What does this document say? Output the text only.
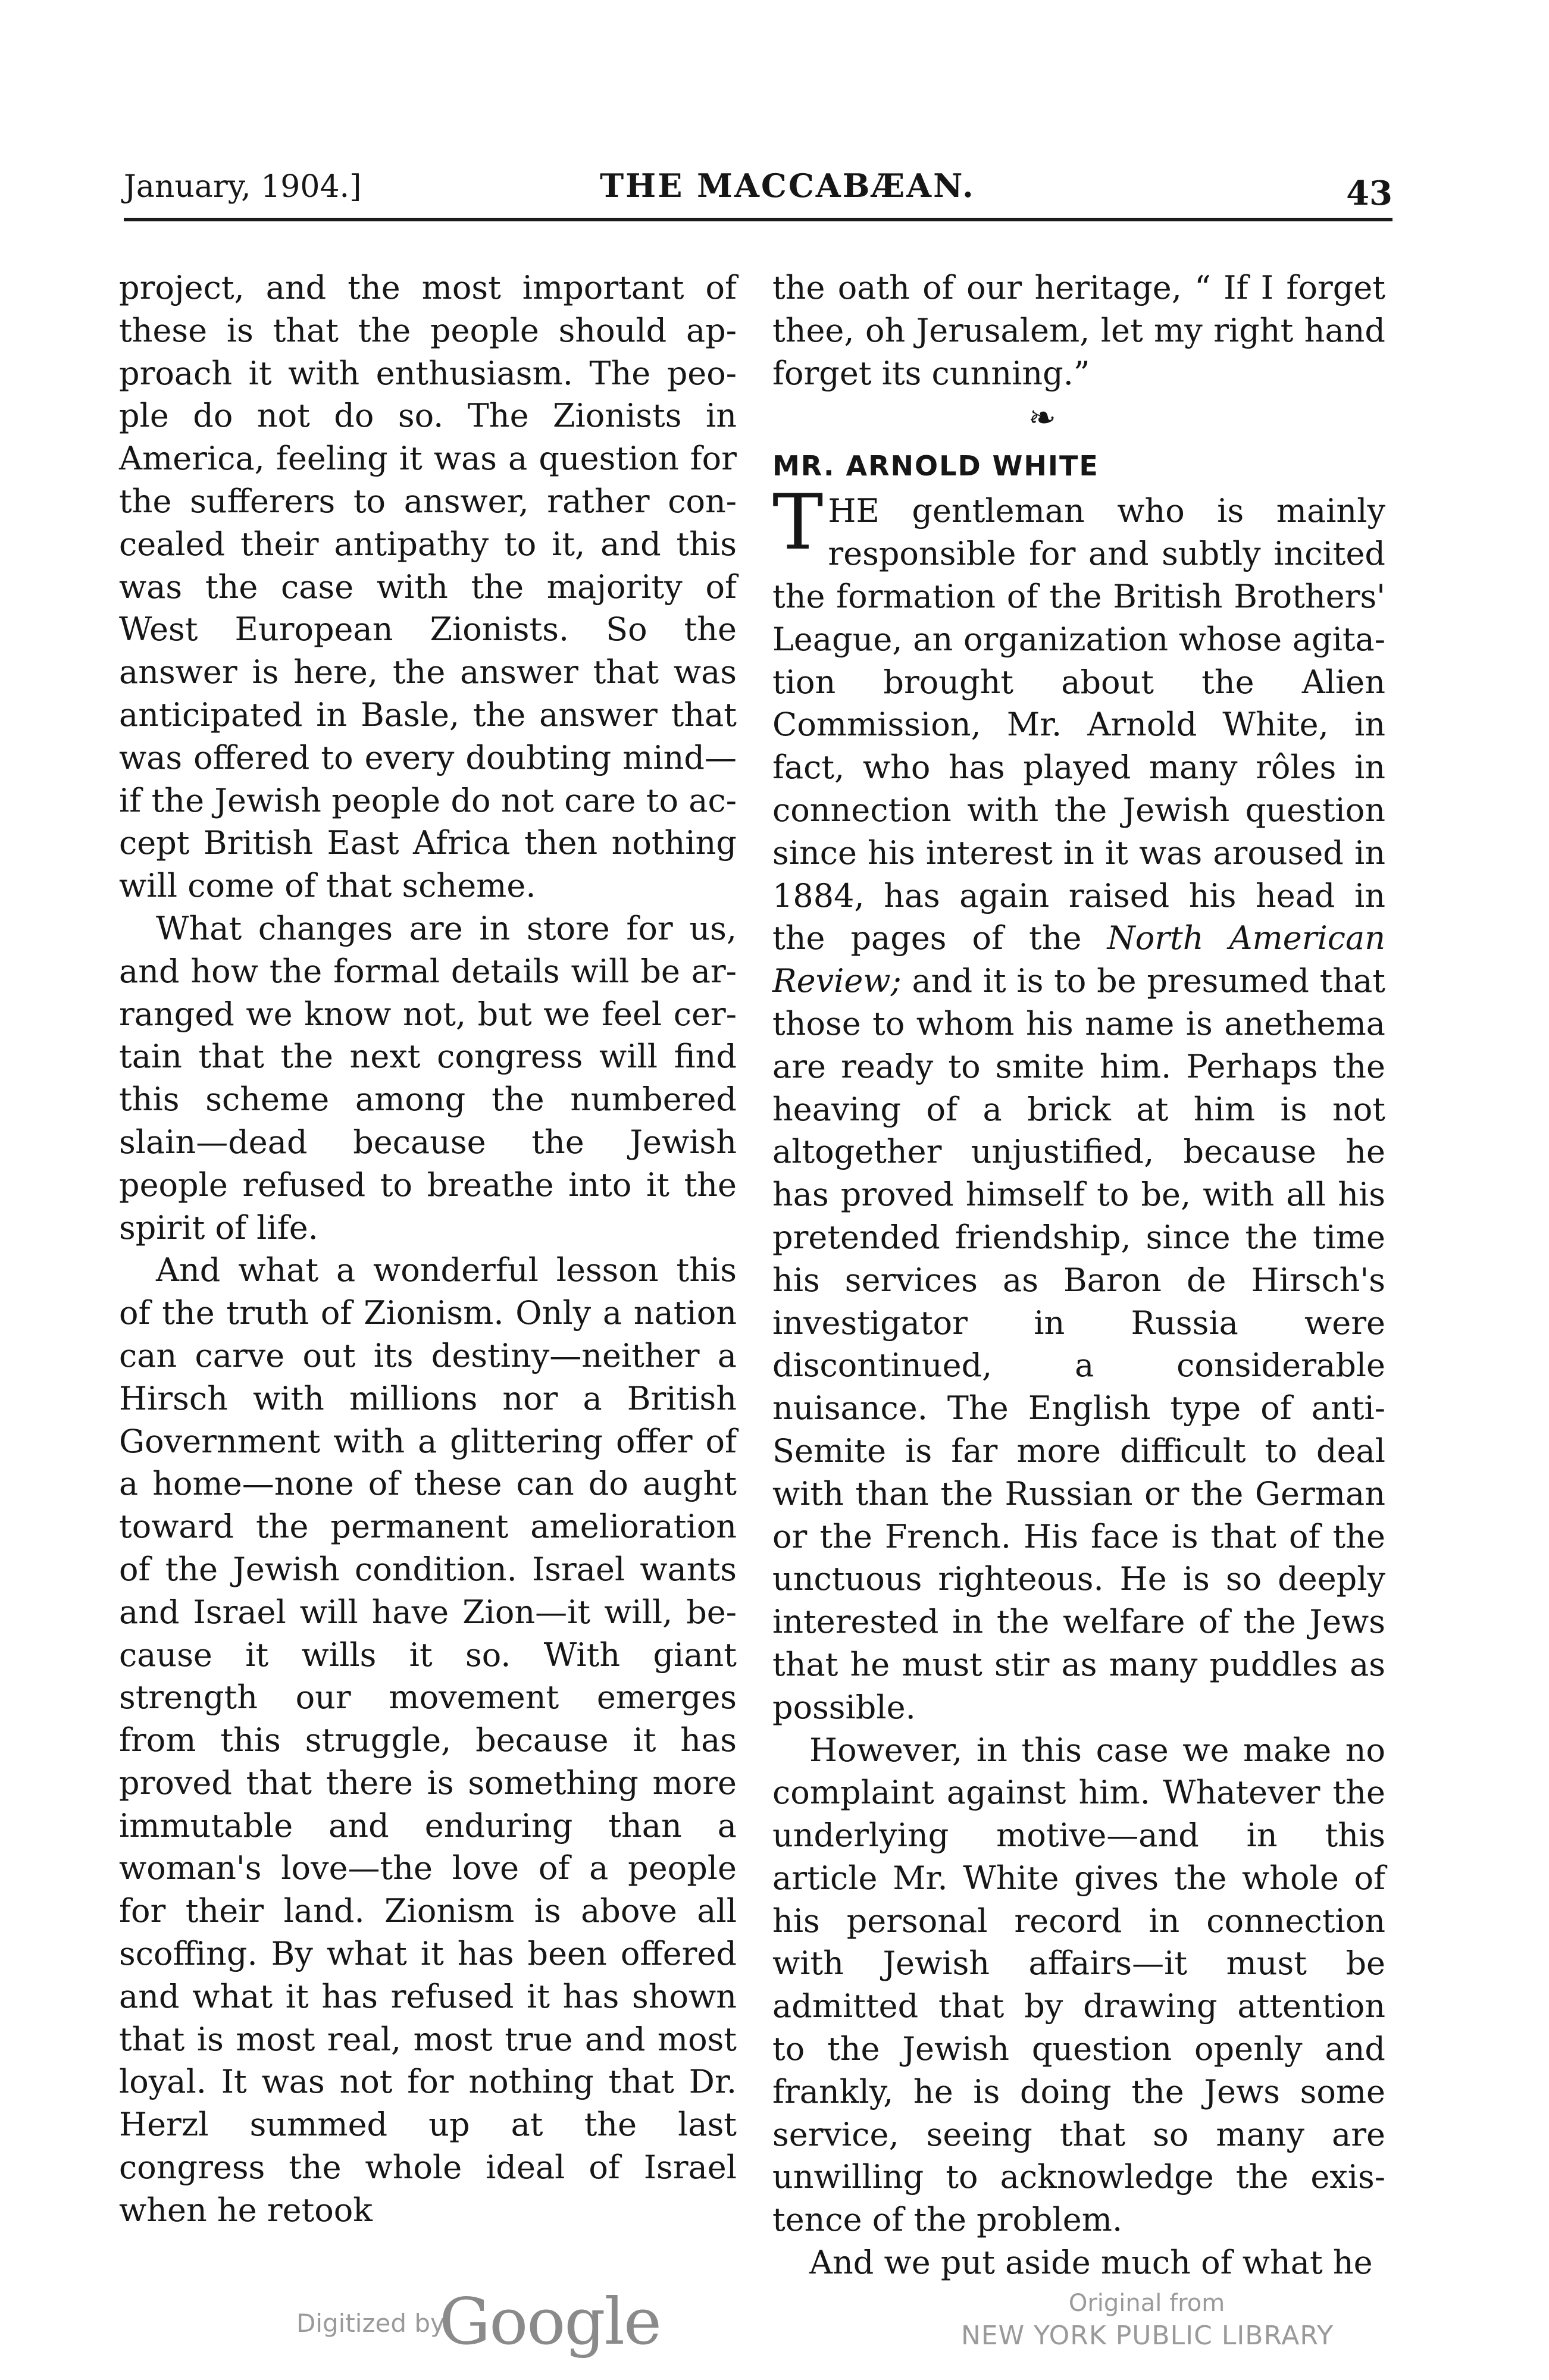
January, 1904.]	THE MACCABÆAN.	43

project, and the most important of these is that the people should approach it with enthusiasm. The people do not do so. The Zionists in America, feeling it was a question for the sufferers to answer, rather concealed their antipathy to it, and this was the case with the majority of West European Zionists. So the answer is here, the answer that was anticipated in Basle, the answer that was offered to every doubting mind—if the Jewish people do not care to accept British East Africa then nothing will come of that scheme.

What changes are in store for us, and how the formal details will be arranged we know not, but we feel certain that the next congress will find this scheme among the numbered slain—dead because the Jewish people refused to breathe into it the spirit of life.

And what a wonderful lesson this of the truth of Zionism. Only a nation can carve out its destiny—neither a Hirsch with millions nor a British Government with a glittering offer of a home—none of these can do aught toward the permanent amelioration of the Jewish condition. Israel wants and Israel will have Zion—it will, because it wills it so. With giant strength our movement emerges from this struggle, because it has proved that there is something more immutable and enduring than a woman's love—the love of a people for their land. Zionism is above all scoffing. By what it has been offered and what it has refused it has shown that is most real, most true and most loyal. It was not for nothing that Dr. Herzl summed up at the last congress the whole ideal of Israel when he retook

the oath of our heritage, “ If I forget thee, oh Jerusalem, let my right hand forget its cunning.”

❧
MR. ARNOLD WHITE

THE gentleman who is mainly responsible for and subtly incited the formation of the British Brothers' League, an organization whose agitation brought about the Alien Commission, Mr. Arnold White, in fact, who has played many rôles in connection with the Jewish question since his interest in it was aroused in 1884, has again raised his head in the pages of the North American Review; and it is to be presumed that those to whom his name is anethema are ready to smite him. Perhaps the heaving of a brick at him is not altogether unjustified, because he has proved himself to be, with all his pretended friendship, since the time his services as Baron de Hirsch's investigator in Russia were discontinued, a considerable nuisance. The English type of anti-Semite is far more difficult to deal with than the Russian or the German or the French. His face is that of the unctuous righteous. He is so deeply interested in the welfare of the Jews that he must stir as many puddles as possible.

However, in this case we make no complaint against him. Whatever the underlying motive—and in this article Mr. White gives the whole of his personal record in connection with Jewish affairs—it must be admitted that by drawing attention to the Jewish question openly and frankly, he is doing the Jews some service, seeing that so many are unwilling to acknowledge the existence of the problem.

And we put aside much of what he

Digitized by
Google	Original from
NEW YORK PUBLIC LIBRARY
